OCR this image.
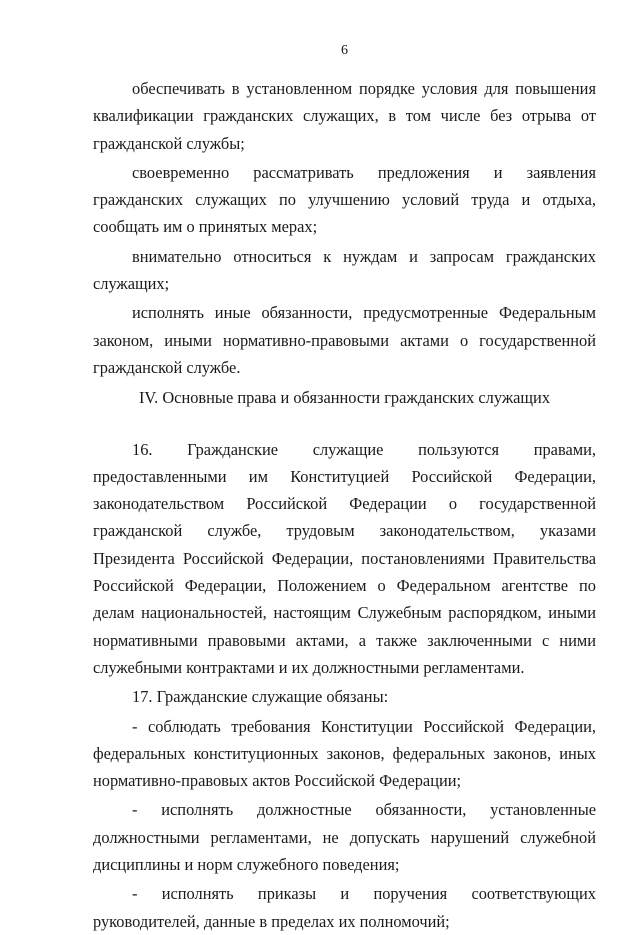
6

обеспечивать в установленном порядке условия для повышения квалификации гражданских служащих, в том числе без отрыва от гражданской службы;

своевременно рассматривать предложения и заявления гражданских служащих по улучшению условий труда и отдыха, сообщать им о принятых мерах;

внимательно относиться к нуждам и запросам гражданских служащих;

исполнять иные обязанности, предусмотренные Федеральным законом, иными нормативно-правовыми актами о государственной гражданской службе.

IV. Основные права и обязанности гражданских служащих

16. Гражданские служащие пользуются правами, предоставленными им Конституцией Российской Федерации, законодательством Российской Федерации о государственной гражданской службе, трудовым законодательством, указами Президента Российской Федерации, постановлениями Правительства Российской Федерации, Положением о Федеральном агентстве по делам национальностей, настоящим Служебным распорядком, иными нормативными правовыми актами, а также заключенными с ними служебными контрактами и их должностными регламентами.

17. Гражданские служащие обязаны:

- соблюдать требования Конституции Российской Федерации, федеральных конституционных законов, федеральных законов, иных нормативно-правовых актов Российской Федерации;

- исполнять должностные обязанности, установленные должностными регламентами, не допускать нарушений служебной дисциплины и норм служебного поведения;

- исполнять приказы и поручения соответствующих руководителей, данные в пределах их полномочий;
